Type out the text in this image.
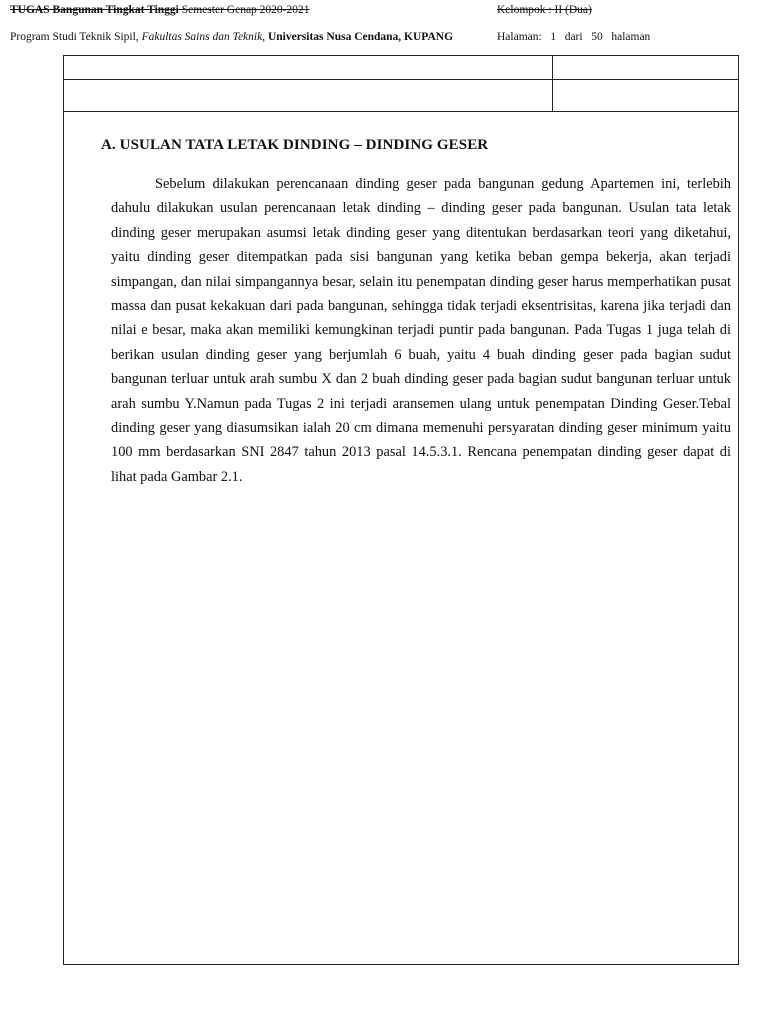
TUGAS Bangunan Tingkat Tinggi Semester Genap 2020-2021	Kelompok : II (Dua)
Program Studi Teknik Sipil, Fakultas Sains dan Teknik, Universitas Nusa Cendana, KUPANG	Halaman: 1 dari 50 halaman
A. USULAN TATA LETAK DINDING – DINDING GESER

Sebelum dilakukan perencanaan dinding geser pada bangunan gedung Apartemen ini, terlebih dahulu dilakukan usulan perencanaan letak dinding – dinding geser pada bangunan. Usulan tata letak dinding geser merupakan asumsi letak dinding geser yang ditentukan berdasarkan teori yang diketahui, yaitu dinding geser ditempatkan pada sisi bangunan yang ketika beban gempa bekerja, akan terjadi simpangan, dan nilai simpangannya besar, selain itu penempatan dinding geser harus memperhatikan pusat massa dan pusat kekakuan dari pada bangunan, sehingga tidak terjadi eksentrisitas, karena jika terjadi dan nilai e besar, maka akan memiliki kemungkinan terjadi puntir pada bangunan. Pada Tugas 1 juga telah di berikan usulan dinding geser yang berjumlah 6 buah, yaitu 4 buah dinding geser pada bagian sudut bangunan terluar untuk arah sumbu X dan 2 buah dinding geser pada bagian sudut bangunan terluar untuk arah sumbu Y.Namun pada Tugas 2 ini terjadi aransemen ulang untuk penempatan Dinding Geser.Tebal dinding geser yang diasumsikan ialah 20 cm dimana memenuhi persyaratan dinding geser minimum yaitu 100 mm berdasarkan SNI 2847 tahun 2013 pasal 14.5.3.1. Rencana penempatan dinding geser dapat di lihat pada Gambar 2.1.
